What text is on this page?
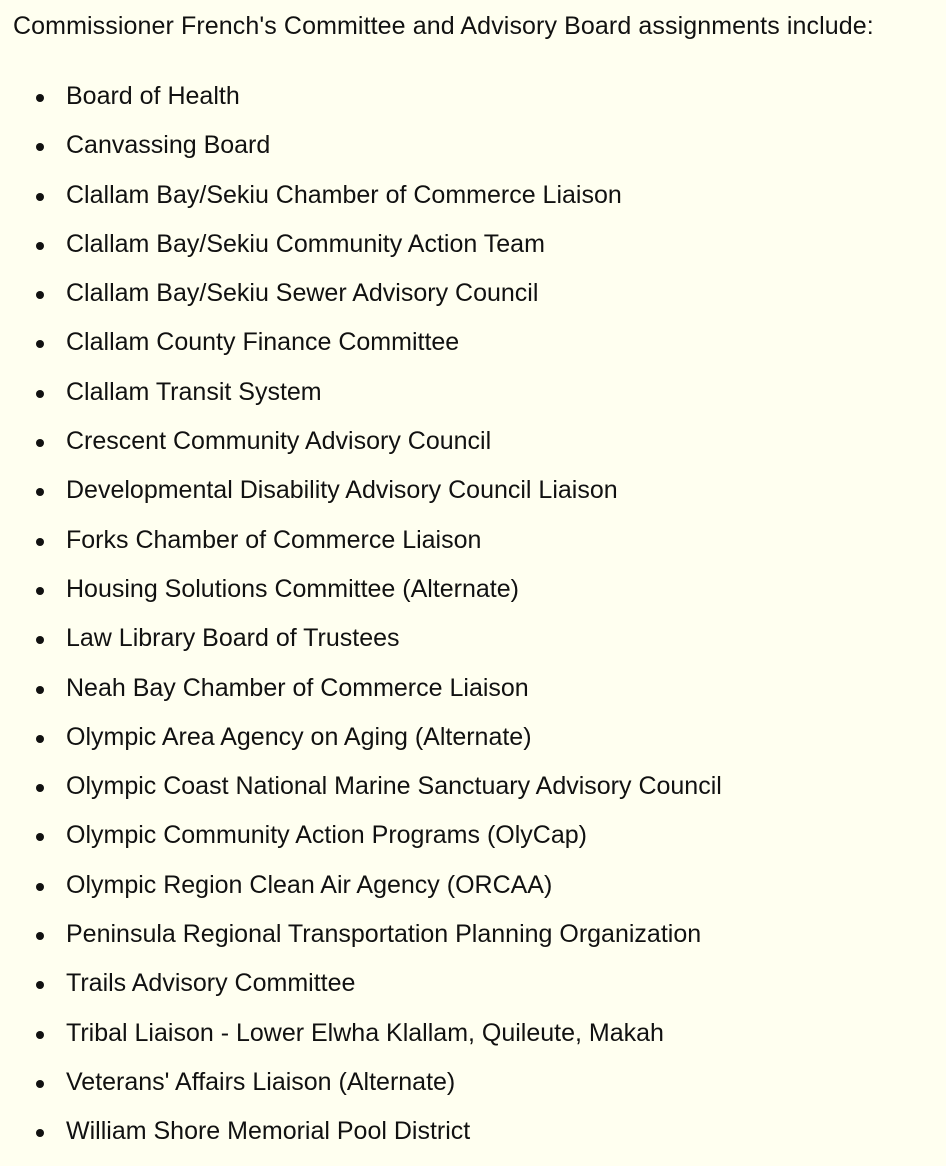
Commissioner French's Committee and Advisory Board assignments include:

Board of Health
Canvassing Board
Clallam Bay/Sekiu Chamber of Commerce Liaison
Clallam Bay/Sekiu Community Action Team
Clallam Bay/Sekiu Sewer Advisory Council
Clallam County Finance Committee
Clallam Transit System
Crescent Community Advisory Council
Developmental Disability Advisory Council Liaison
Forks Chamber of Commerce Liaison
Housing Solutions Committee (Alternate)
Law Library Board of Trustees
Neah Bay Chamber of Commerce Liaison
Olympic Area Agency on Aging (Alternate)
Olympic Coast National Marine Sanctuary Advisory Council
Olympic Community Action Programs (OlyCap)
Olympic Region Clean Air Agency (ORCAA)
Peninsula Regional Transportation Planning Organization
Trails Advisory Committee
Tribal Liaison - Lower Elwha Klallam, Quileute, Makah
Veterans' Affairs Liaison (Alternate)
William Shore Memorial Pool District
